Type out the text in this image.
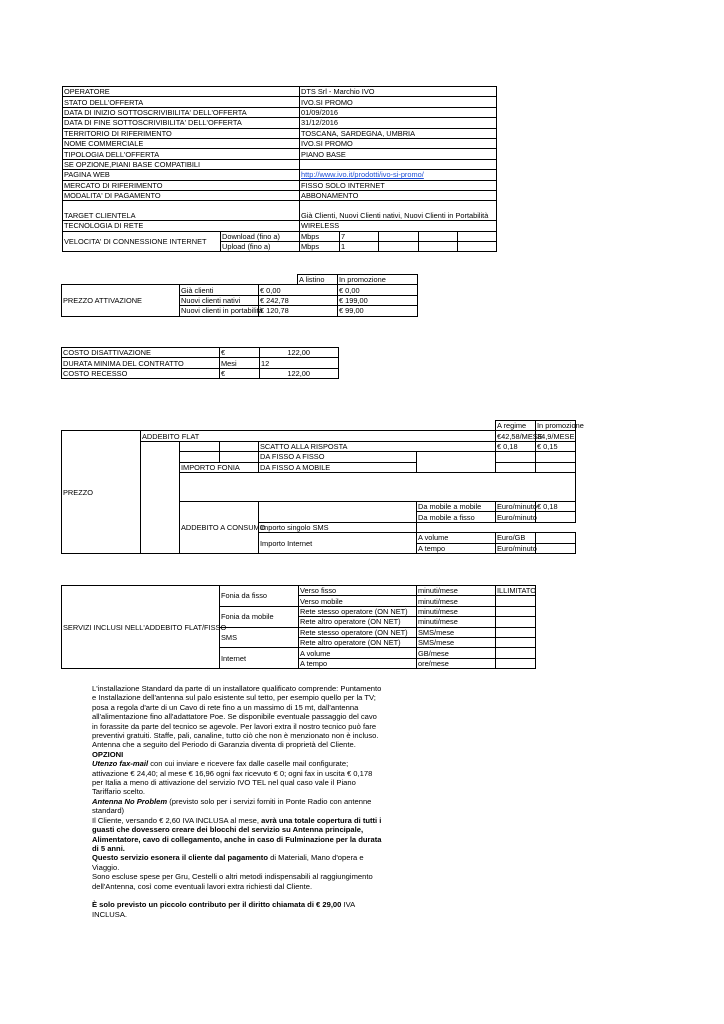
OPERATORE		DTS Srl - Marchio IVO				
STATO DELL'OFFERTA		IVO.SI PROMO				
DATA DI INIZIO SOTTOSCRIVIBILITA' DELL'OFFERTA		01/09/2016				
DATA DI FINE SOTTOSCRIVIBILITA' DELL'OFFERTA		31/12/2016				
TERRITORIO DI RIFERIMENTO		TOSCANA, SARDEGNA, UMBRIA				
NOME COMMERCIALE		IVO.SI PROMO				
TIPOLOGIA DELL'OFFERTA		PIANO BASE				
SE OPZIONE,PIANI BASE COMPATIBILI						
PAGINA WEB		http://www.ivo.it/prodotti/ivo-si-promo/				
MERCATO DI RIFERIMENTO		FISSO SOLO INTERNET				
MODALITA' DI PAGAMENTO		ABBONAMENTO				
TARGET CLIENTELA		Già Clienti, Nuovi Clienti nativi, Nuovi Clienti in Portabilità				
TECNOLOGIA DI RETE		WIRELESS				
VELOCITA' DI CONNESSIONE INTERNET	Download (fino a)	Mbps	7			
	Upload (fino a)	Mbps	1			
			A listino	In promozione
PREZZO ATTIVAZIONE	Già clienti	€ 0,00		€ 0,00
	Nuovi clienti nativi	€ 242,78		€ 199,00
	Nuovi clienti in portabilità	€ 120,78		€ 99,00
COSTO DISATTIVAZIONE	€	122,00
DURATA MINIMA DEL CONTRATTO	Mesi	12
COSTO RECESSO	€	122,00
							A regime	In promozione	
PREZZO	ADDEBITO FLAT						€42,58/MESE	34,9/MESE	
				SCATTO ALLA RISPOSTA			€ 0,18	€ 0,15	
				DA FISSO A FISSO					
		IMPORTO FONIA		DA FISSO A MOBILE					

		ADDEBITO A CONSUMO				Da mobile a mobile	Euro/minuto	€ 0,18	
						Da mobile a fisso	Euro/minuto		
				Importo singolo SMS					
				Importo Internet		A volume	Euro/GB		
						A tempo	Euro/minuto		
SERVIZI INCLUSI NELL'ADDEBITO FLAT/FISSO	Fonia da fisso	Verso fisso	minuti/mese	ILLIMITATO
		Verso mobile	minuti/mese	
	Fonia da mobile	Rete stesso operatore (ON NET)	minuti/mese	
		Rete altro operatore (ON NET)	minuti/mese	
	SMS	Rete stesso operatore (ON NET)	SMS/mese	
		Rete altro operatore (ON NET)	SMS/mese	
	Internet	A volume	GB/mese	
		A tempo	ore/mese	

L'installazione Standard da parte di un installatore qualificato comprende: Puntamento e Installazione dell'antenna sul palo esistente sul tetto, per esempio quello per la TV; posa a regola d'arte di un Cavo di rete fino a un massimo di 15 mt, dall'antenna all'alimentazione fino all'adattatore Poe. Se disponibile eventuale passaggio del cavo in forassite da parte del tecnico se agevole. Per lavori extra il nostro tecnico può fare preventivi gratuiti. Staffe, pali, canaline, tutto ciò che non è menzionato non è incluso.

Antenna che a seguito del Periodo di Garanzia diventa di proprietà del Cliente.

OPZIONI

Utenzo fax-mail con cui inviare e ricevere fax dalle caselle mail configurate; attivazione € 24,40; al mese € 16,96 ogni fax ricevuto € 0; ogni fax in uscita € 0,178 per Italia a meno di attivazione del servizio IVO TEL nel qual caso vale il Piano Tariffario scelto.

Antenna No Problem (previsto solo per i servizi forniti in Ponte Radio con antenne standard)

Il Cliente, versando € 2,60 IVA INCLUSA al mese, avrà una totale copertura di tutti i guasti che dovessero creare dei blocchi del servizio su Antenna principale, Alimentatore, cavo di collegamento, anche in caso di Fulminazione per la durata di 5 anni.

Questo servizio esonera il cliente dal pagamento di Materiali, Mano d'opera e Viaggio.

Sono escluse spese per Gru, Cestelli o altri metodi indispensabili al raggiungimento dell'Antenna, così come eventuali lavori extra richiesti dal Cliente.

È solo previsto un piccolo contributo per il diritto chiamata di € 29,00 IVA INCLUSA.
